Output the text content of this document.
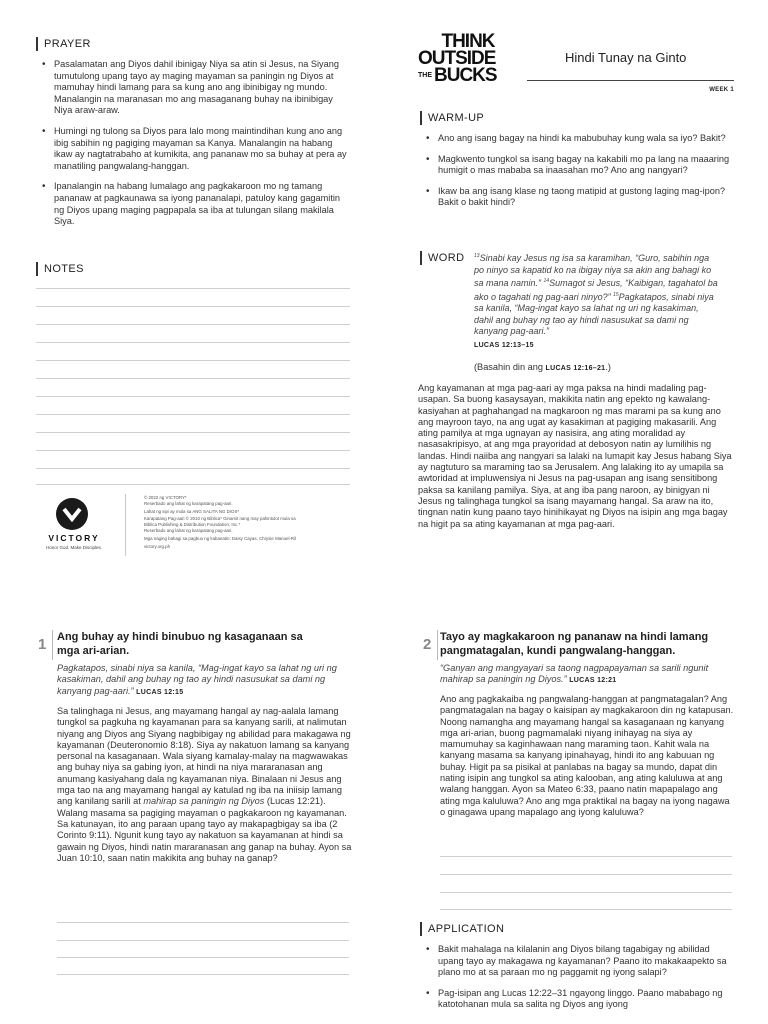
PRAYER
• Pasalamatan ang Diyos dahil ibinigay Niya sa atin si Jesus, na Siyang tumutulong upang tayo ay maging mayaman sa paningin ng Diyos at mamuhay hindi lamang para sa kung ano ang ibinibigay ng mundo. Manalangin na maranasan mo ang masaganang buhay na ibinibigay Niya araw-araw.
• Humingi ng tulong sa Diyos para lalo mong maintindihan kung ano ang ibig sabihin ng pagiging mayaman sa Kanya. Manalangin na habang ikaw ay nagtatrabaho at kumikita, ang pananaw mo sa buhay at pera ay manatiling pangwalang-hanggan.
• Ipanalangin na habang lumalago ang pagkakaroon mo ng tamang pananaw at pagkaunawa sa iyong pananalapi, patuloy kang gagamitin ng Diyos upang maging pagpapala sa iba at tulungan silang makilala Siya.
NOTES
VICTORY
Honor God. Make Disciples.
© 2022 ng VICTORY*
Reserbado ang lahat ng karapatang pag-aari.
Lahat ng sipi ay mula sa ANG SALITA NG DIOS*
Karapatang Pag-aari © 2010 ng Biblica* Ginamit nang may pahintulot mula sa
Biblica Publishing & Distribution Foundation, Inc.*
Reserbado ang lahat ng karapatang pag-aari.
Mga naging bahagi sa pagbuo ng kabanatin: Daisy Cayas, Chrysie Manuel-Ril
victory.org.ph
THINK
OUTSIDE
THE BUCKS
Hindi Tunay na Ginto
WEEK 1
WARM-UP
• Ano ang isang bagay na hindi ka mabubuhay kung wala sa iyo? Bakit?
• Magkwento tungkol sa isang bagay na kakabili mo pa lang na maaaring humigit o mas mababa sa inaasahan mo? Ano ang nangyari?
• Ikaw ba ang isang klase ng taong matipid at gustong laging mag-ipon? Bakit o bakit hindi?
WORD $^{13}$Sinabi kay Jesus ng isa sa karamihan, “Guro, sabihin nga po ninyo sa kapatid ko na ibigay niya sa akin ang bahagi ko sa mana namin.” $^{14}$Sumagot si Jesus, “Kaibigan, tagahatol ba ako o tagahati ng pag-aari ninyo?” $^{15}$Pagkatapos, sinabi niya sa kanila, “Mag-ingat kayo sa lahat ng uri ng kasakiman, dahil ang buhay ng tao ay hindi nasusukat sa dami ng kanyang pag-aari.”
LUCAS 12:13–15
(Basahin din ang LUCAS 12:16–21.)
Ang kayamanan at mga pag-aari ay mga paksa na hindi madaling pag-usapan. Sa buong kasaysayan, makikita natin ang epekto ng kawalang-kasiyahan at paghahangad na magkaroon ng mas marami pa sa kung ano ang mayroon tayo, na ang ugat ay kasakiman at pagiging makasarili. Ang ating pamilya at mga ugnayan ay nasisira, ang ating moralidad ay nasasakripisyo, at ang mga prayoridad at debosyon natin ay lumilihis ng landas. Hindi naiiba ang nangyari sa lalaki na lumapit kay Jesus habang Siya ay nagtuturo sa maraming tao sa Jerusalem. Ang lalaking ito ay umapila sa awtoridad at impluwensiya ni Jesus na pag-usapan ang isang sensitibong paksa sa kanilang pamilya. Siya, at ang iba pang naroon, ay binigyan ni Jesus ng talinghaga tungkol sa isang mayamang hangal. Sa araw na ito, tingnan natin kung paano tayo hinihikayat ng Diyos na isipin ang mga bagay na higit pa sa ating kayamanan at mga pag-aari.
1 Ang buhay ay hindi binubuo ng kasaganaan sa mga ari-arian.
Pagkatapos, sinabi niya sa kanila, “Mag-ingat kayo sa lahat ng uri ng kasakiman, dahil ang buhay ng tao ay hindi nasusukat sa dami ng kanyang pag-aari.” LUCAS 12:15
Sa talinghaga ni Jesus, ang mayamang hangal ay nag-aalala lamang tungkol sa pagkuha ng kayamanan para sa kanyang sarili, at nalimutan niyang ang Diyos ang Siyang nagbibigay ng abilidad para makagawa ng kayamanan (Deuteronomio 8:18). Siya ay nakatuon lamang sa kanyang personal na kasaganaan. Wala siyang kamalay-malay na magwawakas ang buhay niya sa gabing iyon, at hindi na niya mararanasan ang anumang kasiyahang dala ng kayamanan niya. Binalaan ni Jesus ang mga tao na ang mayamang hangal ay katulad ng iba na iniisip lamang ang kanilang sarili at mahirap sa paningin ng Diyos (Lucas 12:21). Walang masama sa pagiging mayaman o pagkakaroon ng kayamanan. Sa katunayan, ito ang paraan upang tayo ay makapagbigay sa iba (2 Corinto 9:11). Ngunit kung tayo ay nakatuon sa kayamanan at hindi sa gawain ng Diyos, hindi natin mararanasan ang ganap na buhay. Ayon sa Juan 10:10, saan natin makikita ang buhay na ganap?
2 Tayo ay magkakaroon ng pananaw na hindi lamang pangmatagalan, kundi pangwalang-hanggan.
“Ganyan ang mangyayari sa taong nagpapayaman sa sarili ngunit mahirap sa paningin ng Diyos.” LUCAS 12:21
Ano ang pagkakaiba ng pangwalang-hanggan at pangmatagalan? Ang pangmatagalan na bagay o kaisipan ay magkakaroon din ng katapusan. Noong namangha ang mayamang hangal sa kasaganaan ng kanyang mga ari-arian, buong pagmamalaki niyang inihayag na siya ay mamumuhay sa kaginhawaan nang maraming taon. Kahit wala na kanyang masama sa kanyang ipinahayag, hindi ito ang kabuuan ng buhay. Higit pa sa pisikal at panlabas na bagay sa mundo, dapat din nating isipin ang tungkol sa ating kalooban, ang ating kaluluwa at ang walang hanggan. Ayon sa Mateo 6:33, paano natin mapapalago ang ating mga kaluluwa? Ano ang mga praktikal na bagay na iyong nagawa o ginagawa upang mapalago ang iyong kaluluwa?
APPLICATION
• Bakit mahalaga na kilalanin ang Diyos bilang tagabigay ng abilidad upang tayo ay makagawa ng kayamanan? Paano ito makakaapekto sa plano mo at sa paraan mo ng paggamit ng iyong salapi?
• Pag-isipan ang Lucas 12:22–31 ngayong linggo. Paano mababago ng katotohanan mula sa salita ng Diyos ang iyong
